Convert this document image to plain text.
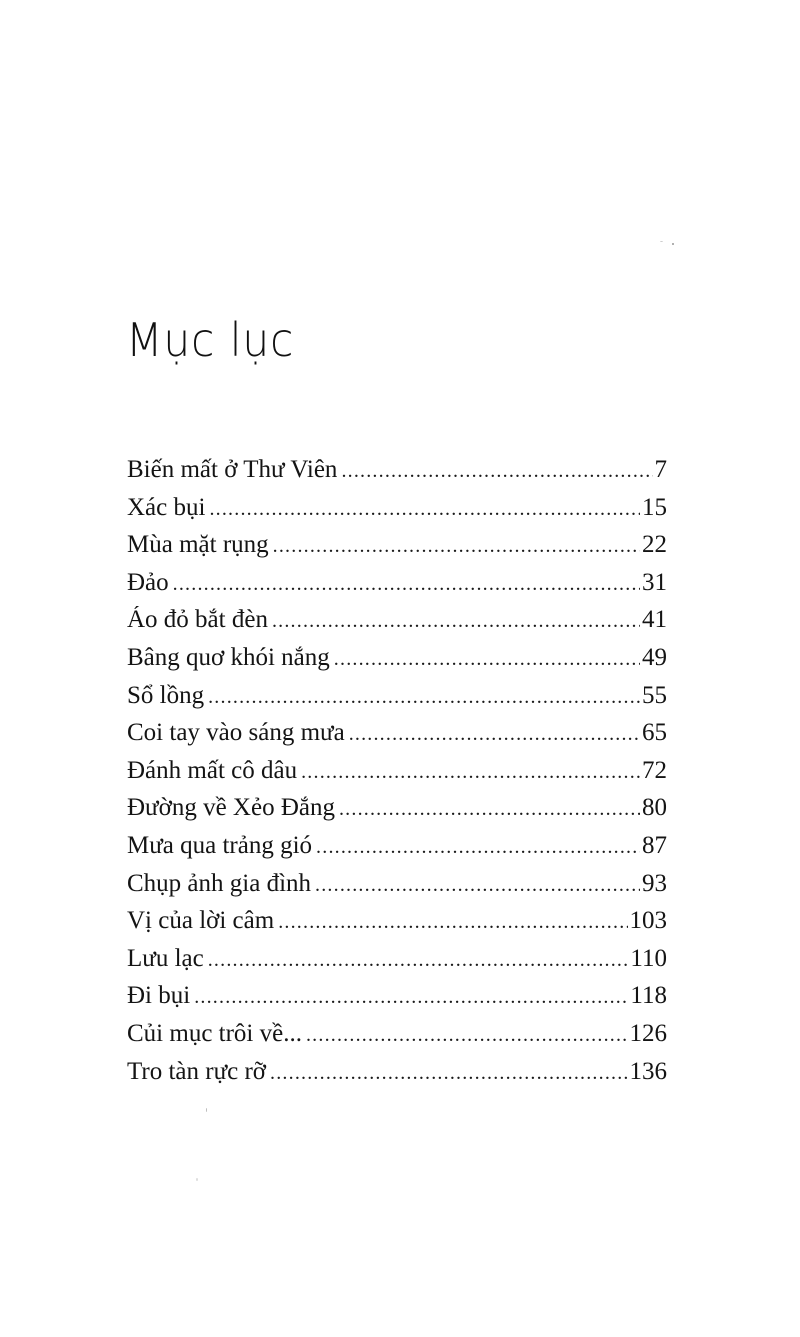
Mục lục
Biến mất ở Thư Viên .....	7
Xác bụi .....	15
Mùa mặt rụng .....	22
Đảo .....	31
Áo đỏ bắt đèn .....	41
Bâng quơ khói nắng .....	49
Sổ lồng .....	55
Coi tay vào sáng mưa .....	65
Đánh mất cô dâu .....	72
Đường về Xẻo Đắng .....	80
Mưa qua trảng gió .....	87
Chụp ảnh gia đình .....	93
Vị của lời câm .....	103
Lưu lạc .....	110
Đi bụi .....	118
Củi mục trôi về... .....	126
Tro tàn rực rỡ .....	136
